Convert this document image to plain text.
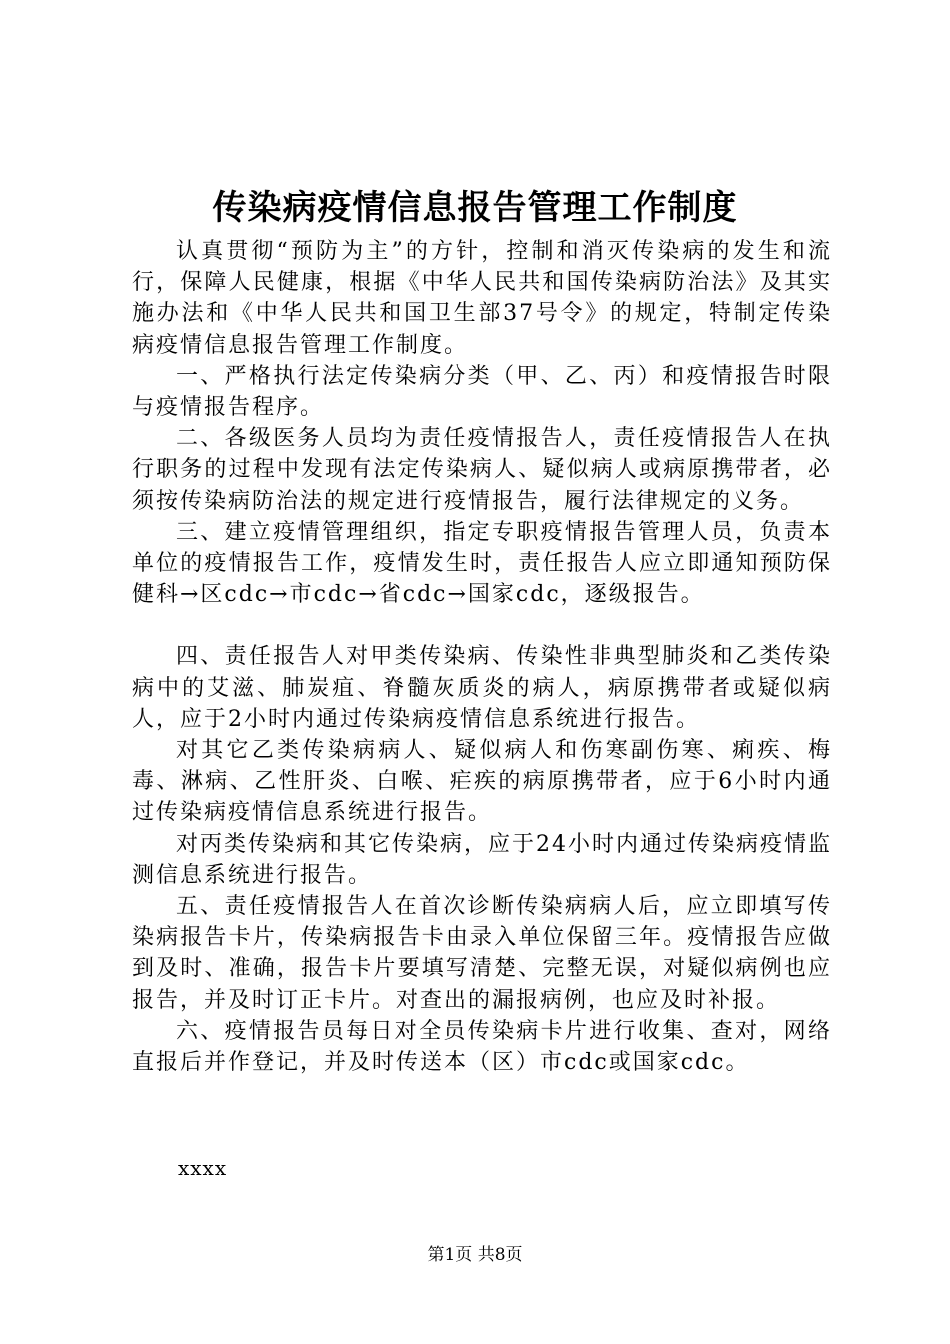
传染病疫情信息报告管理工作制度

认真贯彻“预防为主”的方针，控制和消灭传染病的发生和流行，保障人民健康，根据《中华人民共和国传染病防治法》及其实施办法和《中华人民共和国卫生部37号令》的规定，特制定传染病疫情信息报告管理工作制度。

一、严格执行法定传染病分类（甲、乙、丙）和疫情报告时限与疫情报告程序。

二、各级医务人员均为责任疫情报告人，责任疫情报告人在执行职务的过程中发现有法定传染病人、疑似病人或病原携带者，必须按传染病防治法的规定进行疫情报告，履行法律规定的义务。

三、建立疫情管理组织，指定专职疫情报告管理人员，负责本单位的疫情报告工作，疫情发生时，责任报告人应立即通知预防保健科→区cdc→市cdc→省cdc→国家cdc，逐级报告。

四、责任报告人对甲类传染病、传染性非典型肺炎和乙类传染病中的艾滋、肺炭疽、脊髓灰质炎的病人，病原携带者或疑似病人，应于2小时内通过传染病疫情信息系统进行报告。

对其它乙类传染病病人、疑似病人和伤寒副伤寒、痢疾、梅毒、淋病、乙性肝炎、白喉、疟疾的病原携带者，应于6小时内通过传染病疫情信息系统进行报告。

对丙类传染病和其它传染病，应于24小时内通过传染病疫情监测信息系统进行报告。

五、责任疫情报告人在首次诊断传染病病人后，应立即填写传染病报告卡片，传染病报告卡由录入单位保留三年。疫情报告应做到及时、准确，报告卡片要填写清楚、完整无误，对疑似病例也应报告，并及时订正卡片。对查出的漏报病例，也应及时补报。

六、疫情报告员每日对全员传染病卡片进行收集、查对，网络直报后并作登记，并及时传送本（区）市cdc或国家cdc。

xxxx
第1页 共8页
